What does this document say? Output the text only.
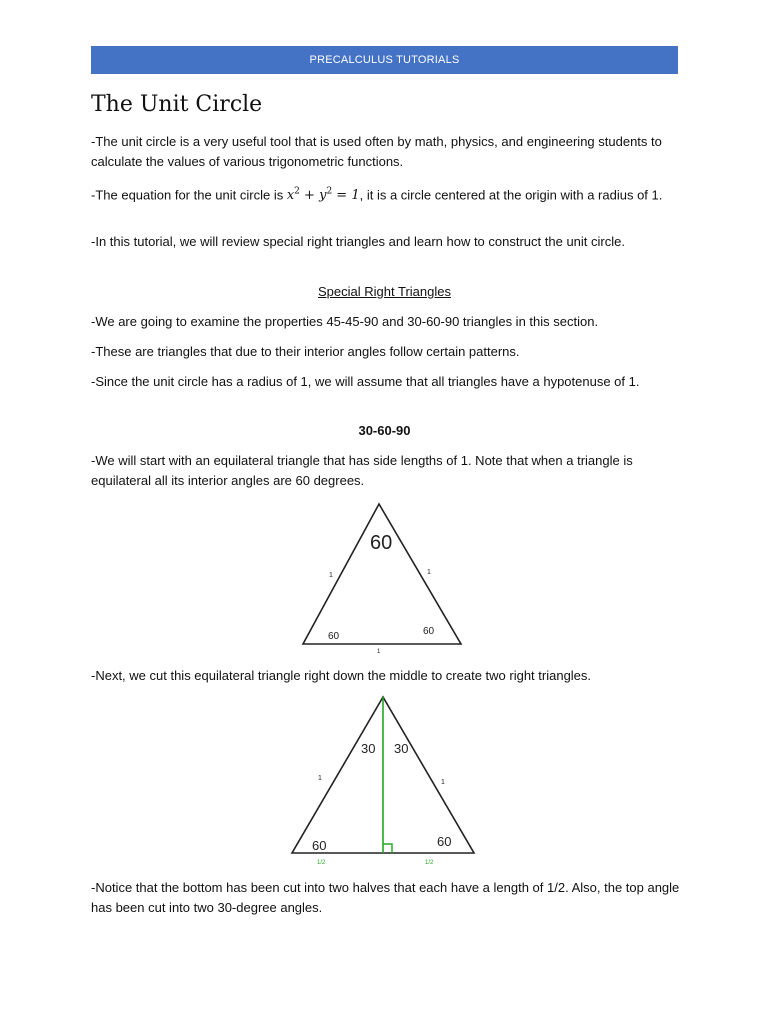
PRECALCULUS TUTORIALS
The Unit Circle

-The unit circle is a very useful tool that is used often by math, physics, and engineering students to calculate the values of various trigonometric functions.

-The equation for the unit circle is $x^2 + y^2 = 1$, it is a circle centered at the origin with a radius of 1.

-In this tutorial, we will review special right triangles and learn how to construct the unit circle.

Special Right Triangles

-We are going to examine the properties 45-45-90 and 30-60-90 triangles in this section.

-These are triangles that due to their interior angles follow certain patterns.

-Since the unit circle has a radius of 1, we will assume that all triangles have a hypotenuse of 1.

30-60-90

-We will start with an equilateral triangle that has side lengths of 1. Note that when a triangle is equilateral all its interior angles are 60 degrees.

60
60	60
1	1
1

-Next, we cut this equilateral triangle right down the middle to create two right triangles.

30 30
60	60
1
1
1/2	1/2

-Notice that the bottom has been cut into two halves that each have a length of 1/2. Also, the top angle has been cut into two 30-degree angles.
